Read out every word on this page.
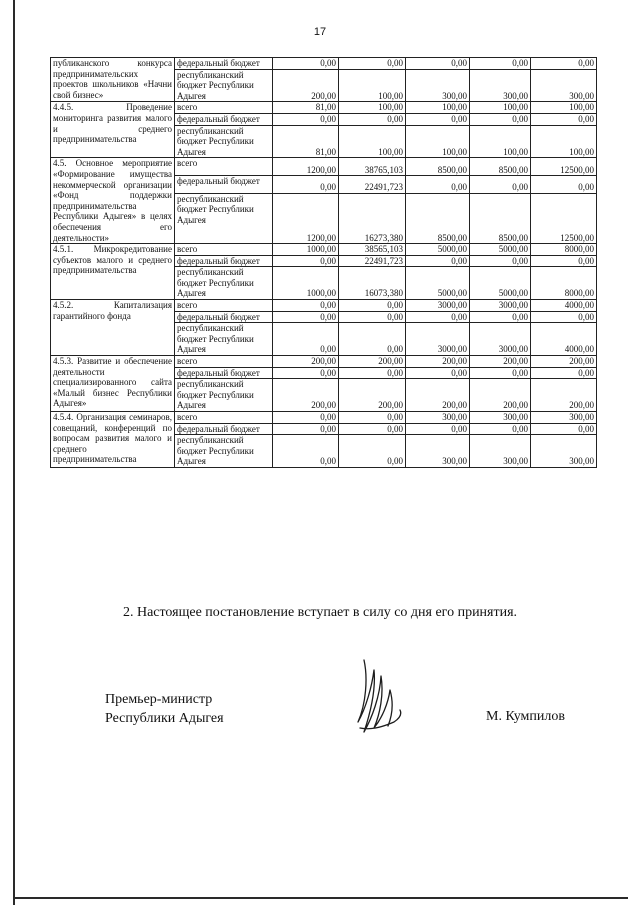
17
публиканского конкурса предпринимательских проектов школьников «Начни свой бизнес»	федеральный бюджет	0,00	0,00	0,00	0,00	0,00
	республиканский бюджет Республики Адыгея	200,00	100,00	300,00	300,00	300,00
4.4.5. Проведение мониторинга развития малого и среднего предпринимательства	всего	81,00	100,00	100,00	100,00	100,00
	федеральный бюджет	0,00	0,00	0,00	0,00	0,00
	республиканский бюджет Республики Адыгея	81,00	100,00	100,00	100,00	100,00
4.5. Основное мероприятие «Формирование имущества некоммерческой организации «Фонд поддержки предпринимательства Республики Адыгея» в целях обеспечения его деятельности»	всего	1200,00	38765,103	8500,00	8500,00	12500,00
	федеральный бюджет	0,00	22491,723	0,00	0,00	0,00
	республиканский бюджет Республики Адыгея	1200,00	16273,380	8500,00	8500,00	12500,00
4.5.1. Микрокредитование субъектов малого и среднего предпринимательства	всего	1000,00	38565,103	5000,00	5000,00	8000,00
	федеральный бюджет	0,00	22491,723	0,00	0,00	0,00
	республиканский бюджет Республики Адыгея	1000,00	16073,380	5000,00	5000,00	8000,00
4.5.2. Капитализация гарантийного фонда	всего	0,00	0,00	3000,00	3000,00	4000,00
	федеральный бюджет	0,00	0,00	0,00	0,00	0,00
	республиканский бюджет Республики Адыгея	0,00	0,00	3000,00	3000,00	4000,00
4.5.3. Развитие и обеспечение деятельности специализированного сайта «Малый бизнес Республики Адыгея»	всего	200,00	200,00	200,00	200,00	200,00
	федеральный бюджет	0,00	0,00	0,00	0,00	0,00
	республиканский бюджет Республики Адыгея	200,00	200,00	200,00	200,00	200,00
4.5.4. Организация семинаров, совещаний, конференций по вопросам развития малого и среднего предпринимательства	всего	0,00	0,00	300,00	300,00	300,00
	федеральный бюджет	0,00	0,00	0,00	0,00	0,00
	республиканский бюджет Республики Адыгея	0,00	0,00	300,00	300,00	300,00
2. Настоящее постановление вступает в силу со дня его принятия.
Премьер-министр
Республики Адыгея	М. Кумпилов
